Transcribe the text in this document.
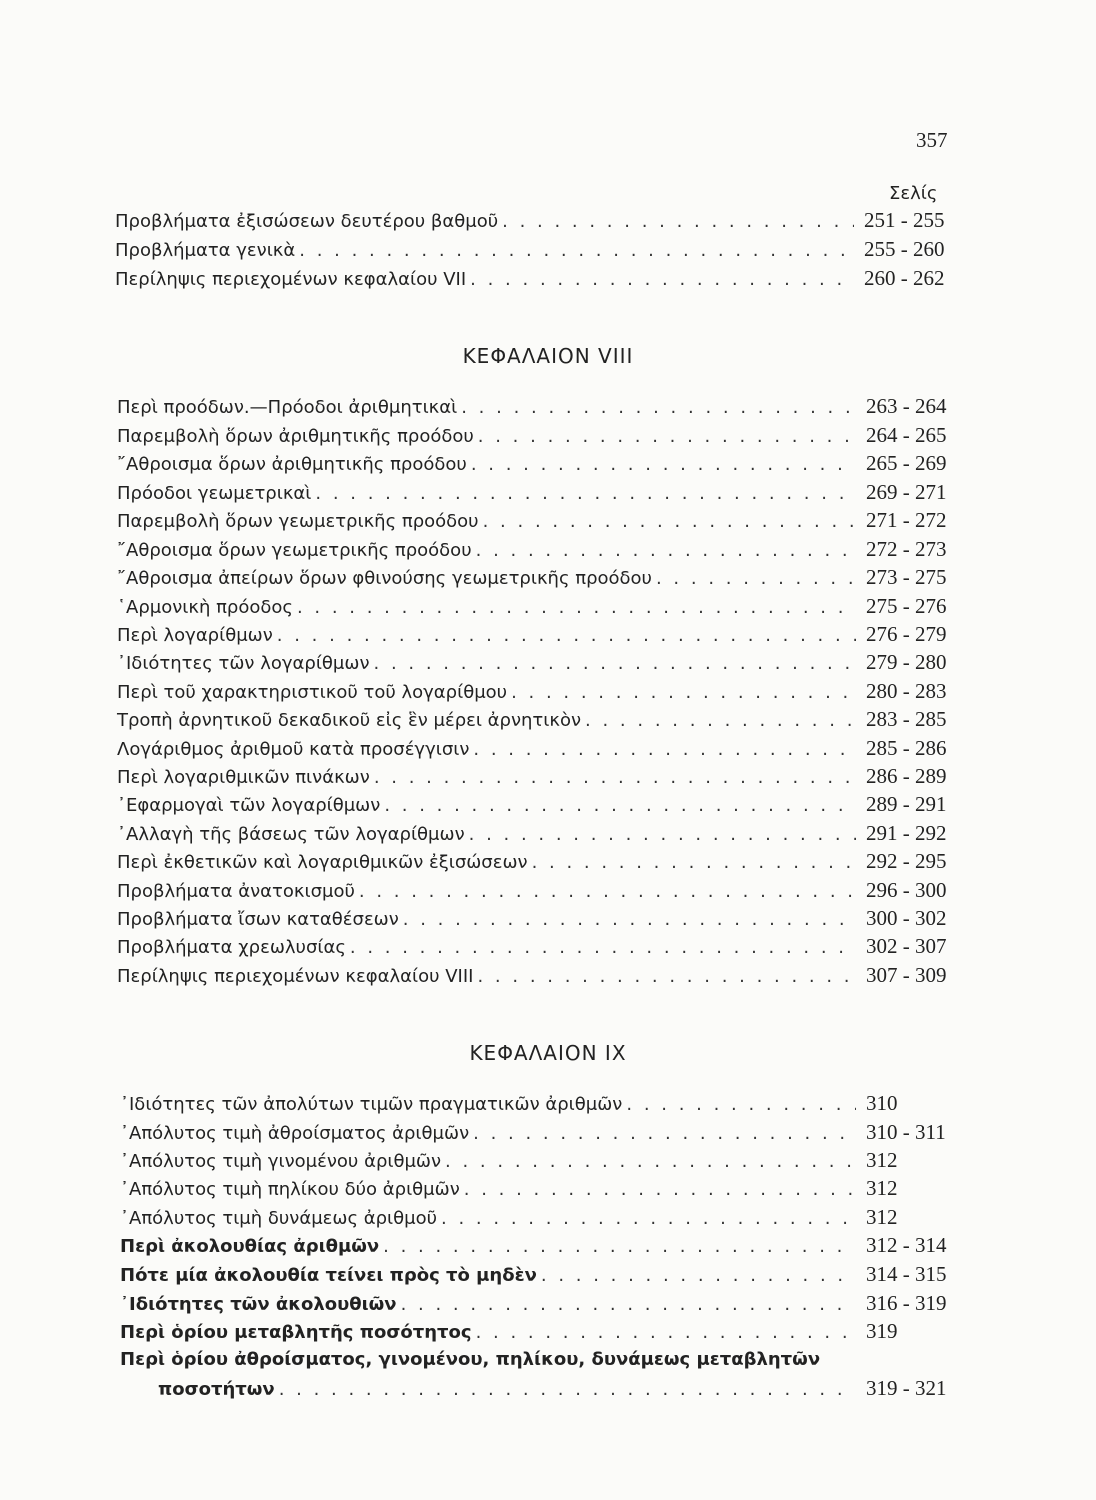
357
Σελίς
Προβλήματα ἐξισώσεων δευτέρου βαθμοῦ . . .	251 - 255
Προβλήματα γενικὰ . . .	255 - 260
Περίληψις περιεχομένων κεφαλαίου VII . . .	260 - 262
ΚΕΦΑΛΑΙΟΝ VIII
Περὶ προόδων.—Πρόοδοι ἀριθμητικαὶ . . .	263 - 264
Παρεμβολὴ ὅρων ἀριθμητικῆς προόδου . . .	264 - 265
῎Αθροισμα ὅρων ἀριθμητικῆς προόδου . . .	265 - 269
Πρόοδοι γεωμετρικαὶ . . .	269 - 271
Παρεμβολὴ ὅρων γεωμετρικῆς προόδου . . .	271 - 272
῎Αθροισμα ὅρων γεωμετρικῆς προόδου . . .	272 - 273
῎Αθροισμα ἀπείρων ὅρων φθινούσης γεωμετρικῆς προόδου . . .	273 - 275
῾Αρμονικὴ πρόοδος . . .	275 - 276
Περὶ λογαρίθμων . . .	276 - 279
᾿Ιδιότητες τῶν λογαρίθμων . . .	279 - 280
Περὶ τοῦ χαρακτηριστικοῦ τοῦ λογαρίθμου . . .	280 - 283
Τροπὴ ἀρνητικοῦ δεκαδικοῦ εἰς ἓν μέρει ἀρνητικὸν . . .	283 - 285
Λογάριθμος ἀριθμοῦ κατὰ προσέγγισιν . . .	285 - 286
Περὶ λογαριθμικῶν πινάκων . . .	286 - 289
᾿Εφαρμογαὶ τῶν λογαρίθμων . . .	289 - 291
᾿Αλλαγὴ τῆς βάσεως τῶν λογαρίθμων . . .	291 - 292
Περὶ ἐκθετικῶν καὶ λογαριθμικῶν ἐξισώσεων . . .	292 - 295
Προβλήματα ἀνατοκισμοῦ . . .	296 - 300
Προβλήματα ἴσων καταθέσεων . . .	300 - 302
Προβλήματα χρεωλυσίας . . .	302 - 307
Περίληψις περιεχομένων κεφαλαίου VIII . . .	307 - 309
ΚΕΦΑΛΑΙΟΝ IX
᾿Ιδιότητες τῶν ἀπολύτων τιμῶν πραγματικῶν ἀριθμῶν . . .	310
᾿Απόλυτος τιμὴ ἀθροίσματος ἀριθμῶν . . .	310 - 311
᾿Απόλυτος τιμὴ γινομένου ἀριθμῶν . . .	312
᾿Απόλυτος τιμὴ πηλίκου δύο ἀριθμῶν . . .	312
᾿Απόλυτος τιμὴ δυνάμεως ἀριθμοῦ . . .	312
Περὶ ἀκολουθίας ἀριθμῶν . . .	312 - 314
Πότε μία ἀκολουθία τείνει πρὸς τὸ μηδὲν . . .	314 - 315
᾿Ιδιότητες τῶν ἀκολουθιῶν . . .	316 - 319
Περὶ ὁρίου μεταβλητῆς ποσότητος . . .	319
Περὶ ὁρίου ἀθροίσματος, γινομένου, πηλίκου, δυνάμεως μεταβλητῶν
ποσοτήτων . . .	319 - 321
